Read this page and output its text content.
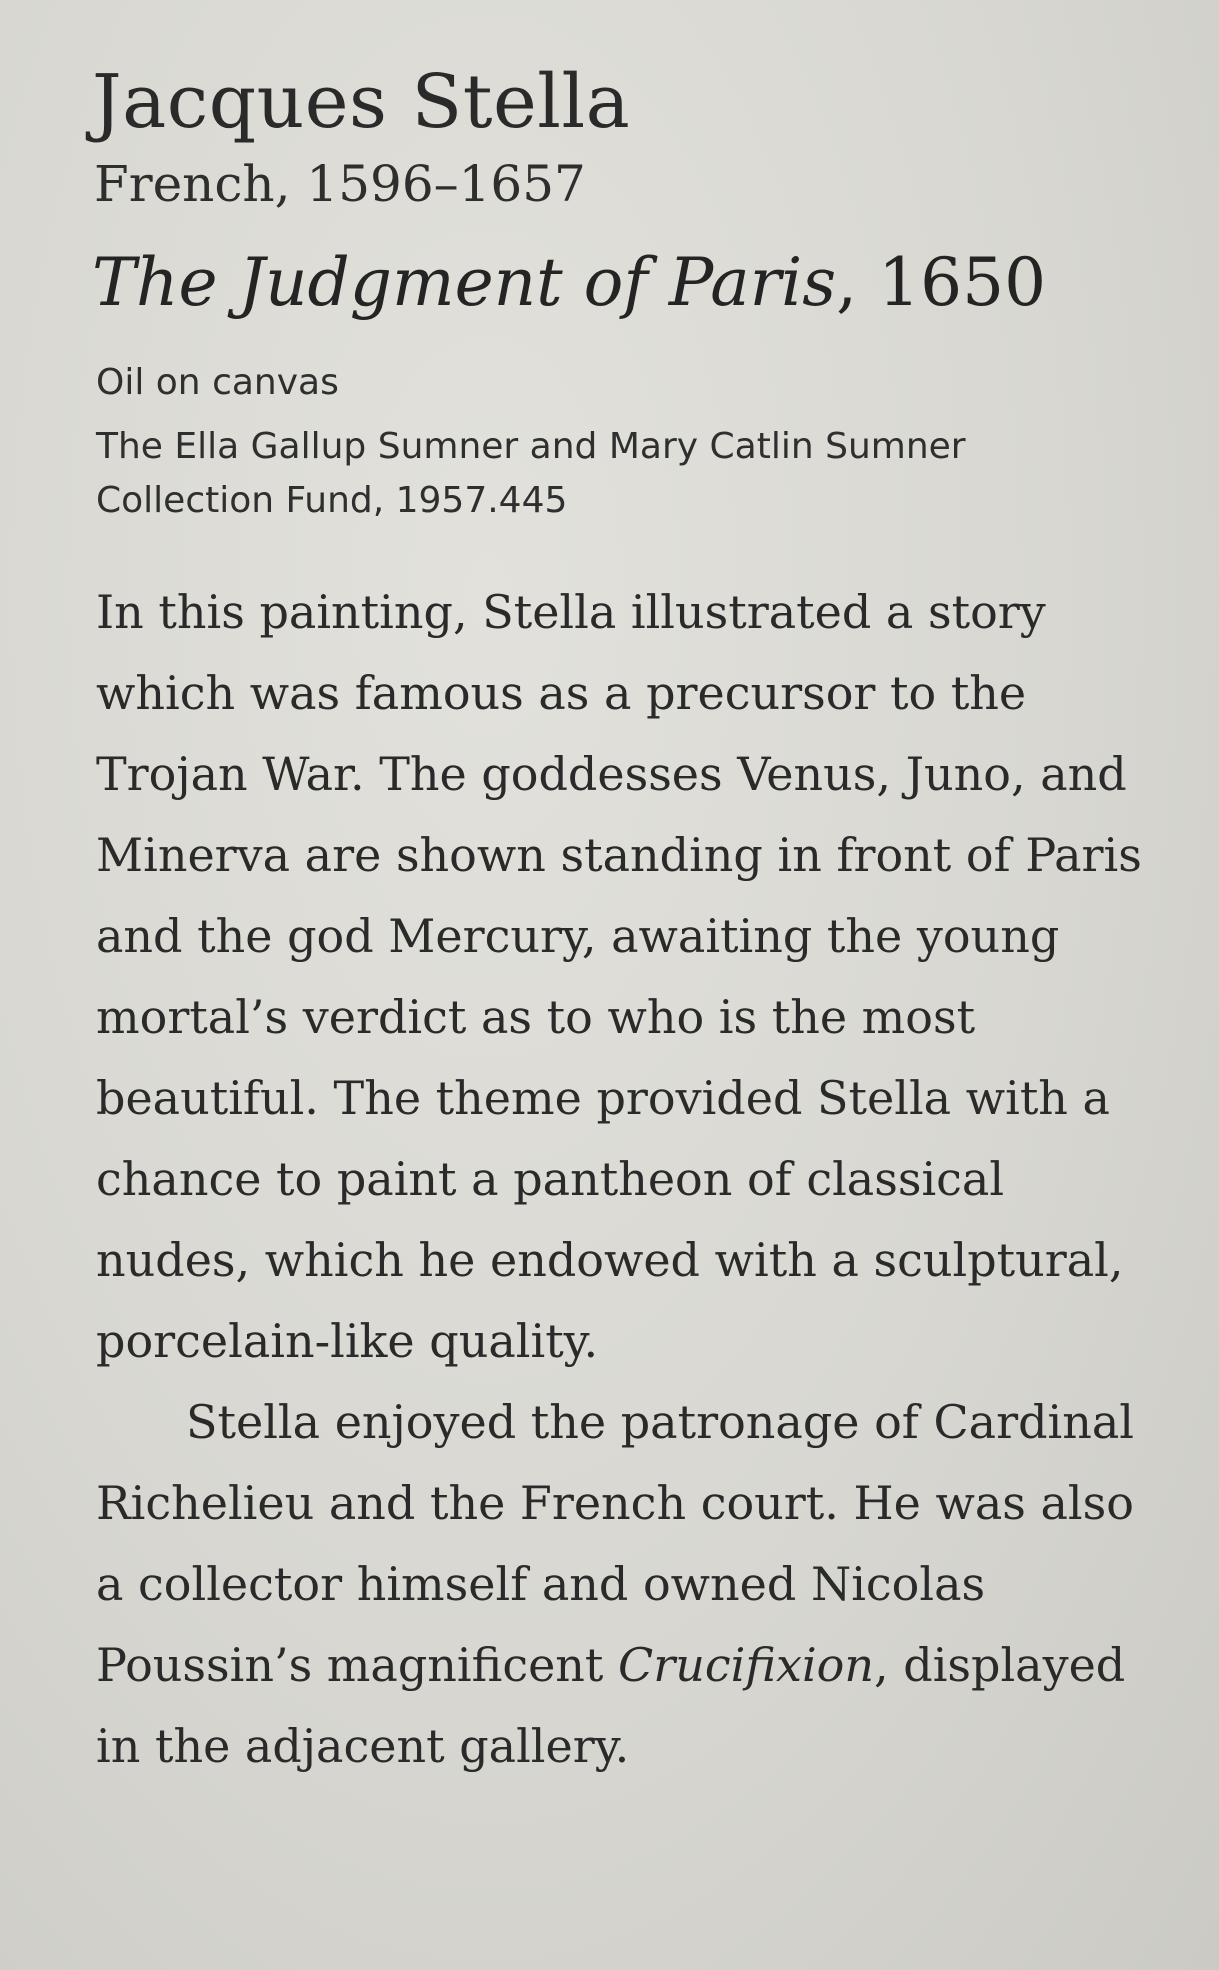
Jacques Stella
French, 1596–1657
The Judgment of Paris, 1650
Oil on canvas
The Ella Gallup Sumner and Mary Catlin Sumner
Collection Fund, 1957.445

In this painting, Stella illustrated a story which was famous as a precursor to the Trojan War. The goddesses Venus, Juno, and Minerva are shown standing in front of Paris and the god Mercury, awaiting the young mortal’s verdict as to who is the most beautiful. The theme provided Stella with a chance to paint a pantheon of classical nudes, which he endowed with a sculptural, porcelain-like quality.

Stella enjoyed the patronage of Cardinal Richelieu and the French court. He was also a collector himself and owned Nicolas Poussin’s magnificent Crucifixion, displayed in the adjacent gallery.
